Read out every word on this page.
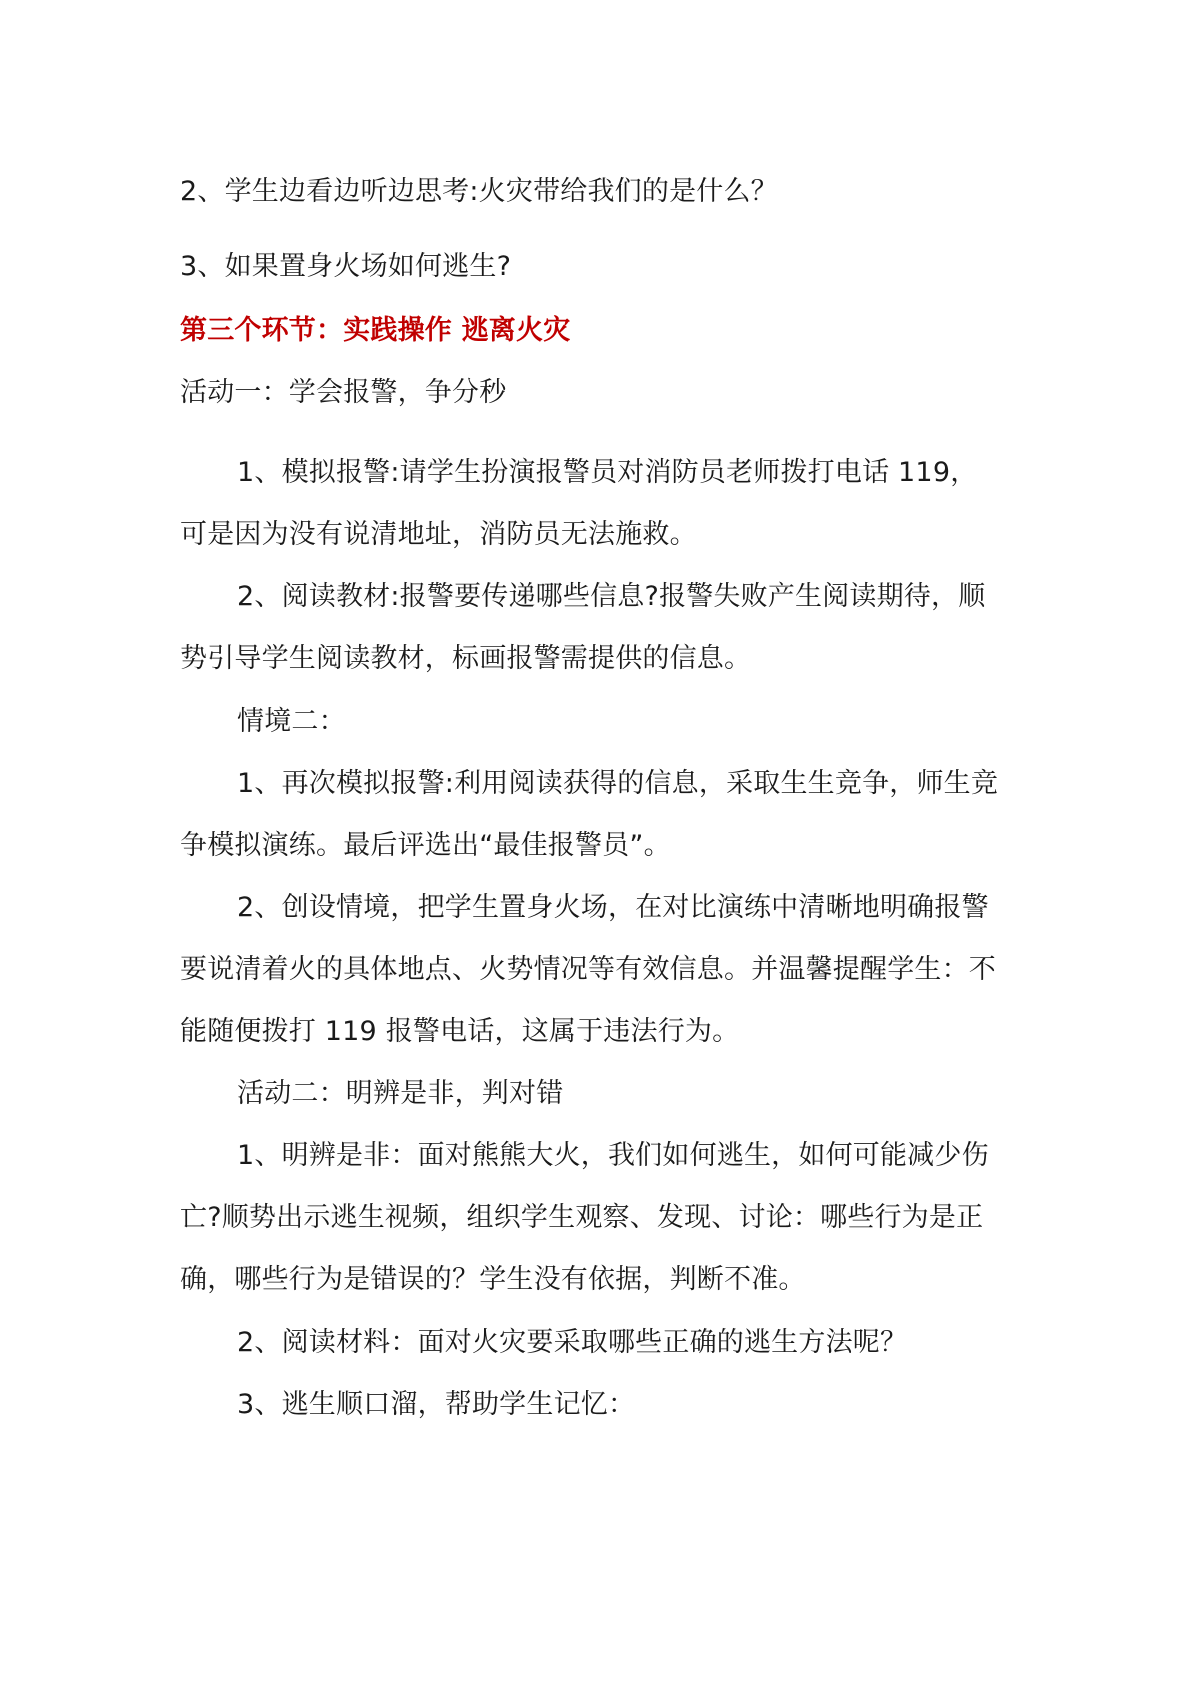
2、学生边看边听边思考:火灾带给我们的是什么？
3、如果置身火场如何逃生?
第三个环节：实践操作 逃离火灾
活动一：学会报警，争分秒
1、模拟报警:请学生扮演报警员对消防员老师拨打电话 119，
可是因为没有说清地址，消防员无法施救。
2、阅读教材:报警要传递哪些信息?报警失败产生阅读期待，顺
势引导学生阅读教材，标画报警需提供的信息。
情境二：
1、再次模拟报警:利用阅读获得的信息，采取生生竞争，师生竞
争模拟演练。最后评选出“最佳报警员”。
2、创设情境，把学生置身火场，在对比演练中清晰地明确报警
要说清着火的具体地点、火势情况等有效信息。并温馨提醒学生：不
能随便拨打 119 报警电话，这属于违法行为。
活动二：明辨是非，判对错
1、明辨是非：面对熊熊大火，我们如何逃生，如何可能减少伤
亡?顺势出示逃生视频，组织学生观察、发现、讨论：哪些行为是正
确，哪些行为是错误的？学生没有依据，判断不准。
2、阅读材料：面对火灾要采取哪些正确的逃生方法呢？
3、逃生顺口溜，帮助学生记忆：
